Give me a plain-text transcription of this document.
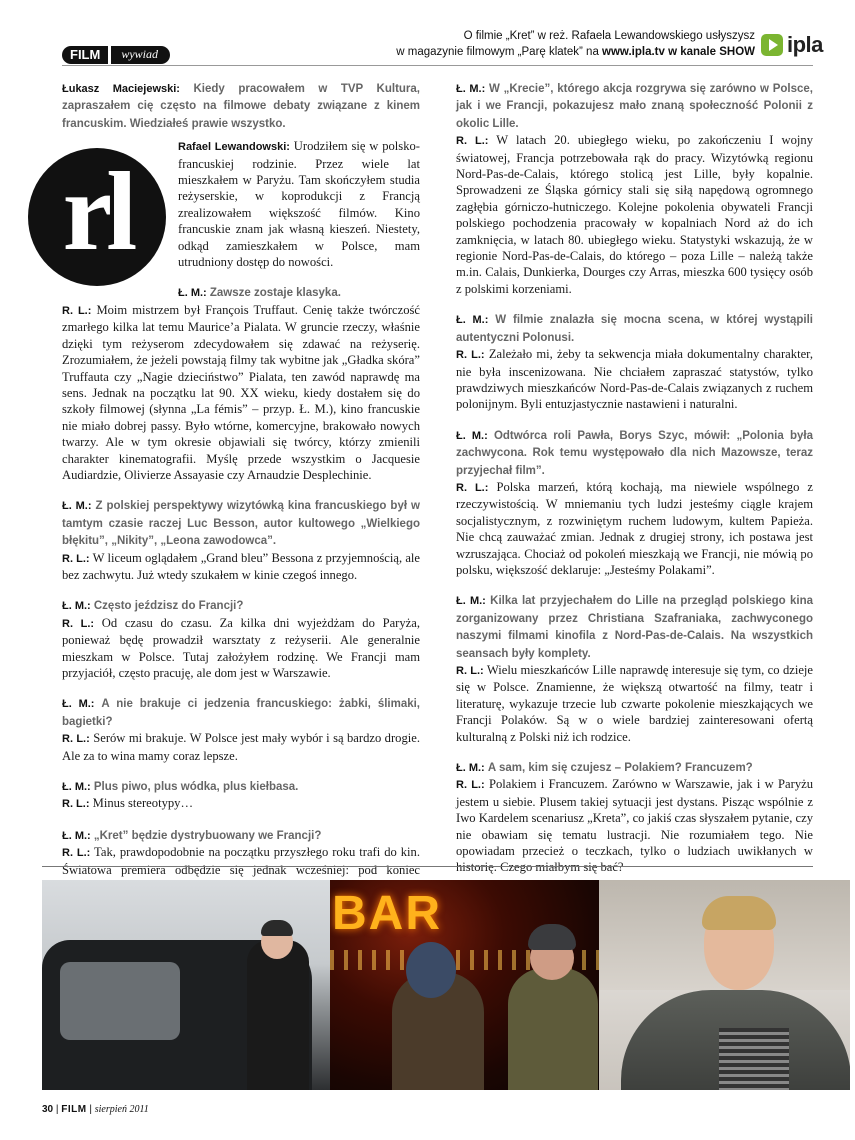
O filmie „Kret” w reż. Rafaela Lewandowskiego usłyszysz
w magazynie filmowym „Parę klatek” na www.ipla.tv w kanale SHOW ipla
FILM	wywiad

Łukasz Maciejewski: Kiedy pracowałem w TVP Kultura, zapraszałem cię często na filmowe debaty związane z kinem francuskim. Wiedziałeś prawie wszystko.

rl

Rafael Lewandowski: Urodziłem się w polsko-francuskiej rodzinie. Przez wiele lat mieszkałem w Paryżu. Tam skończyłem studia reżyserskie, w koprodukcji z Francją zrealizowałem większość filmów. Kino francuskie znam jak własną kieszeń. Niestety, odkąd zamieszkałem w Polsce, mam utrudniony dostęp do nowości.

Ł. M.: Zawsze zostaje klasyka.

R. L.: Moim mistrzem był François Truffaut. Cenię także twórczość zmarłego kilka lat temu Maurice’a Pialata. W gruncie rzeczy, właśnie dzięki tym reżyserom zdecydowałem się zdawać na reżyserię. Zrozumiałem, że jeżeli powstają filmy tak wybitne jak „Gładka skóra” Truffauta czy „Nagie dzieciństwo” Pialata, ten zawód naprawdę ma sens. Jednak na początku lat 90. XX wieku, kiedy dostałem się do szkoły filmowej (słynna „La fémis” – przyp. Ł. M.), kino francuskie nie miało dobrej passy. Było wtórne, komercyjne, brakowało nowych twarzy. Ale w tym okresie objawiali się twórcy, którzy zmienili charakter kinematografii. Myślę przede wszystkim o Jacquesie Audiardzie, Olivierze Assayasie czy Arnaudzie Desplechinie.

Ł. M.: Z polskiej perspektywy wizytówką kina francuskiego był w tamtym czasie raczej Luc Besson, autor kultowego „Wielkiego błękitu”, „Nikity”, „Leona zawodowca”.

R. L.: W liceum oglądałem „Grand bleu” Bessona z przyjemnością, ale bez zachwytu. Już wtedy szukałem w kinie czegoś innego.

Ł. M.: Często jeździsz do Francji?

R. L.: Od czasu do czasu. Za kilka dni wyjeżdżam do Paryża, ponieważ będę prowadził warsztaty z reżyserii. Ale generalnie mieszkam w Polsce. Tutaj założyłem rodzinę. We Francji mam przyjaciół, często pracuję, ale dom jest w Warszawie.

Ł. M.: A nie brakuje ci jedzenia francuskiego: żabki, ślimaki, bagietki?

R. L.: Serów mi brakuje. W Polsce jest mały wybór i są bardzo drogie. Ale za to wina mamy coraz lepsze.

Ł. M.: Plus piwo, plus wódka, plus kiełbasa.

R. L.: Minus stereotypy…

Ł. M.: „Kret” będzie dystrybuowany we Francji?

R. L.: Tak, prawdopodobnie na początku przyszłego roku trafi do kin. Światowa premiera odbędzie się jednak wcześniej: pod koniec

Ł. M.: W „Krecie”, którego akcja rozgrywa się zarówno w Polsce, jak i we Francji, pokazujesz mało znaną społeczność Polonii z okolic Lille.

R. L.: W latach 20. ubiegłego wieku, po zakończeniu I wojny światowej, Francja potrzebowała rąk do pracy. Wizytówką regionu Nord-Pas-de-Calais, którego stolicą jest Lille, były kopalnie. Sprowadzeni ze Śląska górnicy stali się siłą napędową ogromnego zagłębia górniczo-hutniczego. Kolejne pokolenia obywateli Francji polskiego pochodzenia pracowały w kopalniach Nord aż do ich zamknięcia, w latach 80. ubiegłego wieku. Statystyki wskazują, że w regionie Nord-Pas-de-Calais, do którego – poza Lille – należą także m.in. Calais, Dunkierka, Dourges czy Arras, mieszka 600 tysięcy osób z polskimi korzeniami.

Ł. M.: W filmie znalazła się mocna scena, w której wystąpili autentyczni Polonusi.

R. L.: Zależało mi, żeby ta sekwencja miała dokumentalny charakter, nie była inscenizowana. Nie chciałem zapraszać statystów, tylko prawdziwych mieszkańców Nord-Pas-de-Calais związanych z ruchem polonijnym. Byli entuzjastycznie nastawieni i naturalni.

Ł. M.: Odtwórca roli Pawła, Borys Szyc, mówił: „Polonia była zachwycona. Rok temu występowało dla nich Mazowsze, teraz przyjechał film”.

R. L.: Polska marzeń, którą kochają, ma niewiele wspólnego z rzeczywistością. W mniemaniu tych ludzi jesteśmy ciągle krajem socjalistycznym, z rozwiniętym ruchem ludowym, kultem Papieża. Nie chcą zauważać zmian. Jednak z drugiej strony, ich postawa jest wzruszająca. Chociaż od pokoleń mieszkają we Francji, nie mówią po polsku, większość deklaruje: „Jesteśmy Polakami”.

Ł. M.: Kilka lat przyjechałem do Lille na przegląd polskiego kina zorganizowany przez Christiana Szafraniaka, zachwyconego naszymi filmami kinofila z Nord-Pas-de-Calais. Na wszystkich seansach były komplety.

R. L.: Wielu mieszkańców Lille naprawdę interesuje się tym, co dzieje się w Polsce. Znamienne, że większą otwartość na filmy, teatr i literaturę, wykazuje trzecie lub czwarte pokolenie mieszkających we Francji Polaków. Są w o wiele bardziej zainteresowani ofertą kulturalną z Polski niż ich rodzice.

Ł. M.: A sam, kim się czujesz – Polakiem? Francuzem?

R. L.: Polakiem i Francuzem. Zarówno w Warszawie, jak i w Paryżu jestem u siebie. Plusem takiej sytuacji jest dystans. Pisząc wspólnie z Iwo Kardelem scenariusz „Kreta”, co jakiś czas słyszałem pytanie, czy nie obawiam się tematu lustracji. Nie rozumiałem tego. Nie opowiadam przecież o teczkach, tylko o ludziach uwikłanych w historię. Czego miałbym się bać?

BAR
30 | FILM | sierpień 2011
